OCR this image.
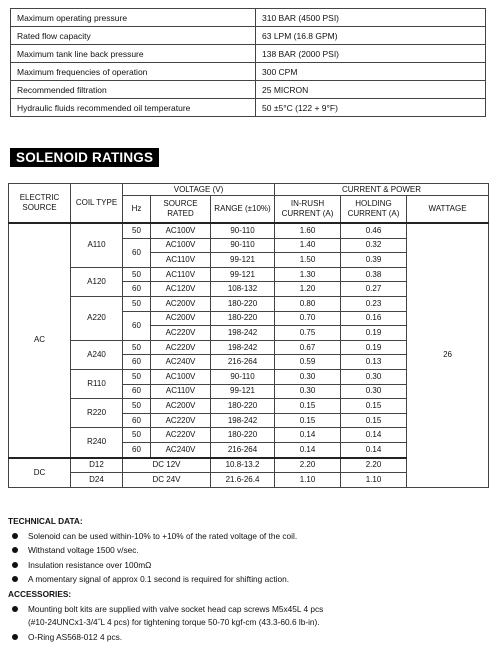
Maximum operating pressure	310 BAR (4500 PSI)
Rated flow capacity	63 LPM (16.8 GPM)
Maximum tank line back pressure	138 BAR (2000 PSI)
Maximum frequencies of operation	300 CPM
Recommended filtration	25 MICRON
Hydraulic fluids recommended oil temperature	50 ±5°C (122 + 9°F)
SOLENOID RATINGS
ELECTRIC SOURCE	COIL TYPE	VOLTAGE (V)			CURRENT & POWER		
		Hz	SOURCE RATED	RANGE (±10%)	IN-RUSH CURRENT (A)	HOLDING CURRENT (A)	WATTAGE
AC	A110	50	AC100V	90-110	1.60	0.46	26
		60	AC100V	90-110	1.40	0.32	
			AC110V	99-121	1.50	0.39	
	A120	50	AC110V	99-121	1.30	0.38	
		60	AC120V	108-132	1.20	0.27	
	A220	50	AC200V	180-220	0.80	0.23	
		60	AC200V	180-220	0.70	0.16	
			AC220V	198-242	0.75	0.19	
	A240	50	AC220V	198-242	0.67	0.19	
		60	AC240V	216-264	0.59	0.13	
	R110	50	AC100V	90-110	0.30	0.30	
		60	AC110V	99-121	0.30	0.30	
	R220	50	AC200V	180-220	0.15	0.15	
		60	AC220V	198-242	0.15	0.15	
	R240	50	AC220V	180-220	0.14	0.14	
		60	AC240V	216-264	0.14	0.14	
DC	D12	DC 12V		10.8-13.2	2.20	2.20	
	D24	DC 24V		21.6-26.4	1.10	1.10	
TECHNICAL DATA:
Solenoid can be used within-10% to +10% of the rated voltage of the coil.
Withstand voltage 1500 v/sec.
Insulation resistance over 100mΩ
A momentary signal of approx 0.1 second is required for shifting action.
ACCESSORIES:
Mounting bolt kits are supplied with valve socket head cap screws M5x45L 4 pcs
(#10-24UNCx1-3/4˝L 4 pcs) for tightening torque 50-70 kgf-cm (43.3-60.6 lb-in).
O-Ring AS568-012 4 pcs.
